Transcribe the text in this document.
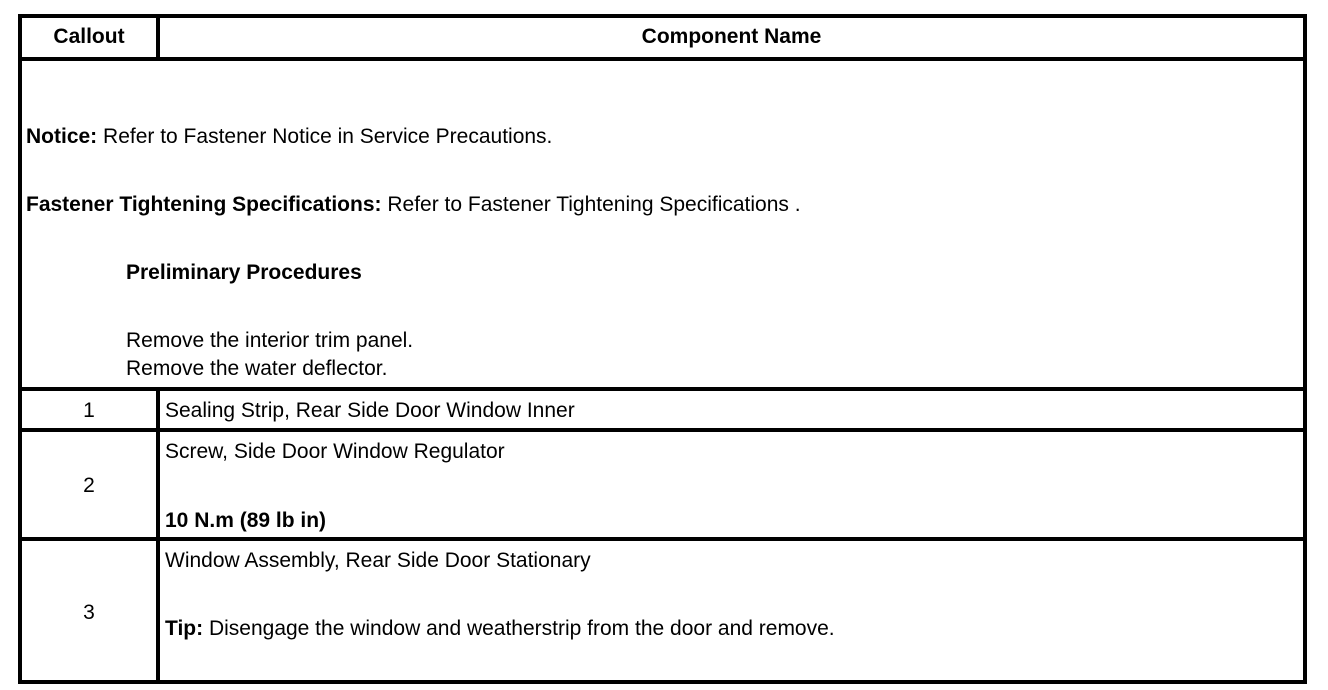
Callout	Component Name
Notice: Refer to Fastener Notice in Service Precautions.
Fastener Tightening Specifications: Refer to Fastener Tightening Specifications .
Preliminary Procedures
Remove the interior trim panel.
Remove the water deflector.
1	Sealing Strip, Rear Side Door Window Inner
2
Screw, Side Door Window Regulator
10 N.m (89 lb in)
3
Window Assembly, Rear Side Door Stationary
Tip: Disengage the window and weatherstrip from the door and remove.
